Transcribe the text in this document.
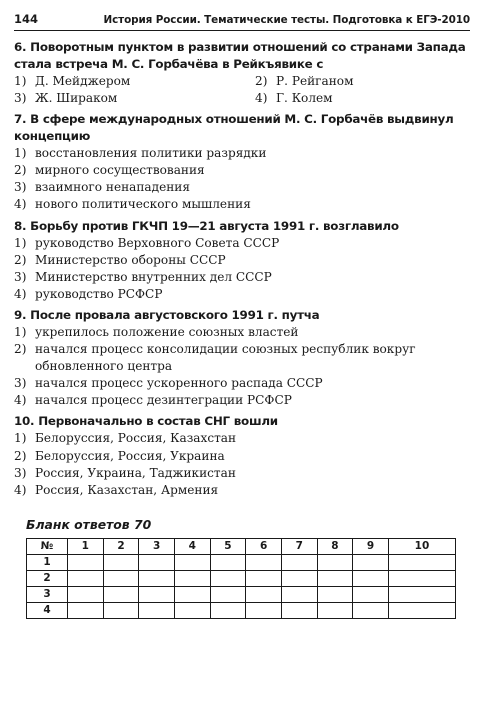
144	История России. Тематические тесты. Подготовка к ЕГЭ-2010
6. Поворотным пунктом в развитии отношений со странами Запада стала встреча М. С. Горбачёва в Рейкъявике с
1) Д. Мейджером	2) Р. Рейганом
3) Ж. Шираком	4) Г. Колем
7. В сфере международных отношений М. С. Горбачёв выдвинул концепцию
1) восстановления политики разрядки
2) мирного сосуществования
3) взаимного ненападения
4) нового политического мышления
8. Борьбу против ГКЧП 19—21 августа 1991 г. возглавило
1) руководство Верховного Совета СССР
2) Министерство обороны СССР
3) Министерство внутренних дел СССР
4) руководство РСФСР
9. После провала августовского 1991 г. путча
1) укрепилось положение союзных властей
2) начался процесс консолидации союзных республик вокруг обновленного центра
3) начался процесс ускоренного распада СССР
4) начался процесс дезинтеграции РСФСР
10. Первоначально в состав СНГ вошли
1) Белоруссия, Россия, Казахстан
2) Белоруссия, Россия, Украина
3) Россия, Украина, Таджикистан
4) Россия, Казахстан, Армения
Бланк ответов 70
№	1	2	3	4	5	6	7	8	9	10
1										
2										
3										
4										
